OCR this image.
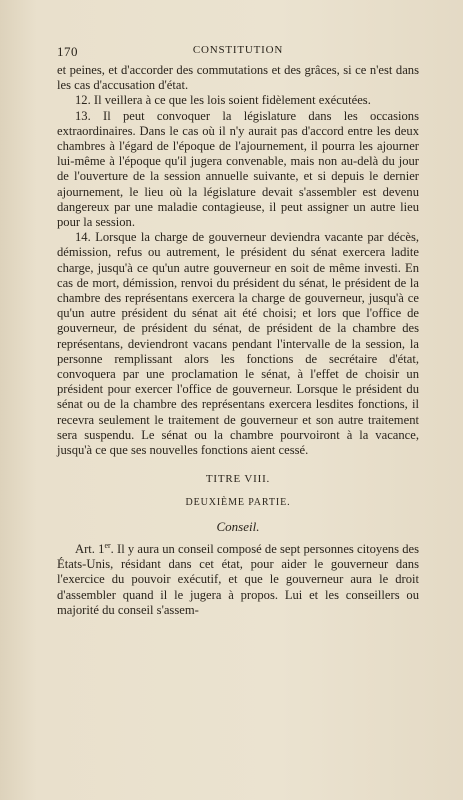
170	CONSTITUTION

et peines, et d'accorder des commutations et des grâces, si ce n'est dans les cas d'accusation d'état.

12. Il veillera à ce que les lois soient fidèlement exécutées.

13. Il peut convoquer la législature dans les occasions extraordinaires. Dans le cas où il n'y aurait pas d'accord entre les deux chambres à l'égard de l'époque de l'ajournement, il pourra les ajourner lui-même à l'époque qu'il jugera convenable, mais non au-delà du jour de l'ouverture de la session annuelle suivante, et si depuis le dernier ajournement, le lieu où la législature devait s'assembler est devenu dangereux par une maladie contagieuse, il peut assigner un autre lieu pour la session.

14. Lorsque la charge de gouverneur deviendra vacante par décès, démission, refus ou autrement, le président du sénat exercera ladite charge, jusqu'à ce qu'un autre gouverneur en soit de même investi. En cas de mort, démission, renvoi du président du sénat, le président de la chambre des représentans exercera la charge de gouverneur, jusqu'à ce qu'un autre président du sénat ait été choisi; et lors que l'office de gouverneur, de président du sénat, de président de la chambre des représentans, deviendront vacans pendant l'intervalle de la session, la personne remplissant alors les fonctions de secrétaire d'état, convoquera par une proclamation le sénat, à l'effet de choisir un président pour exercer l'office de gouverneur. Lorsque le président du sénat ou de la chambre des représentans exercera lesdites fonctions, il recevra seulement le traitement de gouverneur et son autre traitement sera suspendu. Le sénat ou la chambre pourvoiront à la vacance, jusqu'à ce que ses nouvelles fonctions aient cessé.

TITRE VIII.

DEUXIÈME PARTIE.

Conseil.

Art. 1er. Il y aura un conseil composé de sept personnes citoyens des États-Unis, résidant dans cet état, pour aider le gouverneur dans l'exercice du pouvoir exécutif, et que le gouverneur aura le droit d'assembler quand il le jugera à propos. Lui et les conseillers ou majorité du conseil s'assem-
